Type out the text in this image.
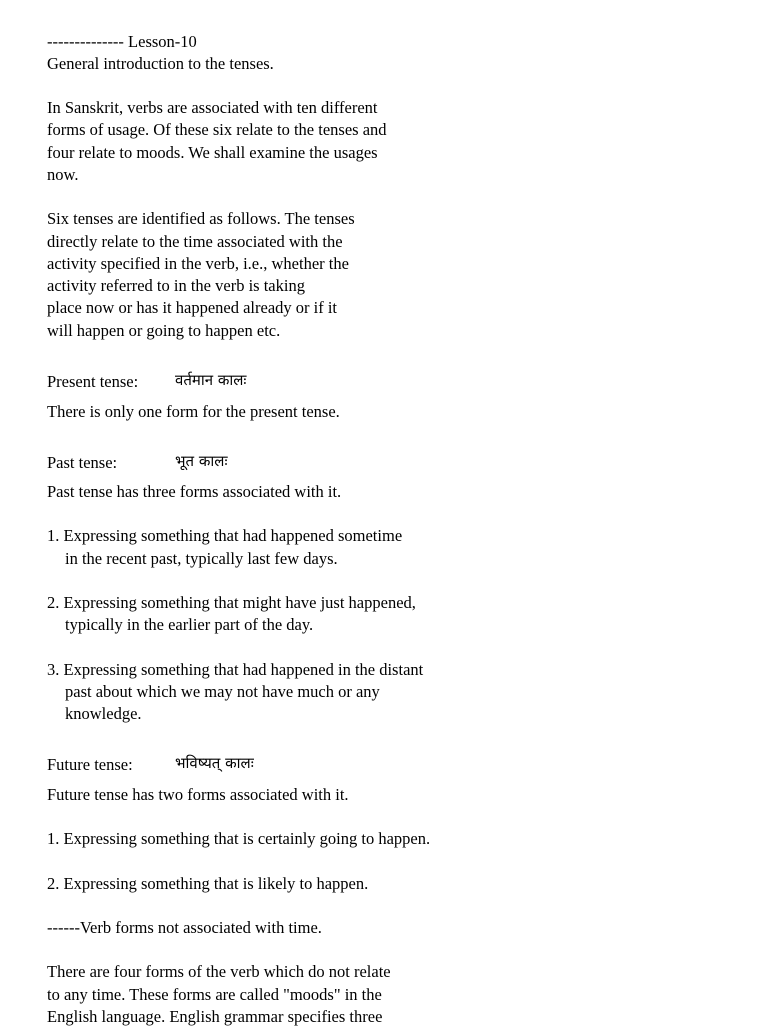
-------------- Lesson-10
General introduction to the tenses.
In Sanskrit, verbs are associated with ten different
forms of usage. Of these six relate to the tenses and
four relate to moods. We shall examine the usages
now.
Six tenses are identified as follows. The tenses
directly relate to the time associated with the
activity specified in the verb, i.e., whether the
activity referred to in the verb is taking
place now or has it happened already or if it
will happen or going to happen etc.
Present tense: वर्तमान कालः
There is only one form for the present tense.
Past tense:	भूत कालः
Past tense has three forms associated with it.
1. Expressing something that had happened sometime
in the recent past, typically last few days.
2. Expressing something that might have just happened,
typically in the earlier part of the day.
3. Expressing something that had happened in the distant
past about which we may not have much or any
knowledge.
Future tense:	भविष्यत् कालः
Future tense has two forms associated with it.
1. Expressing something that is certainly going to happen.
2. Expressing something that is likely to happen.
------Verb forms not associated with time.
There are four forms of the verb which do not relate
to any time. These forms are called "moods" in the
English language. English grammar specifies three
